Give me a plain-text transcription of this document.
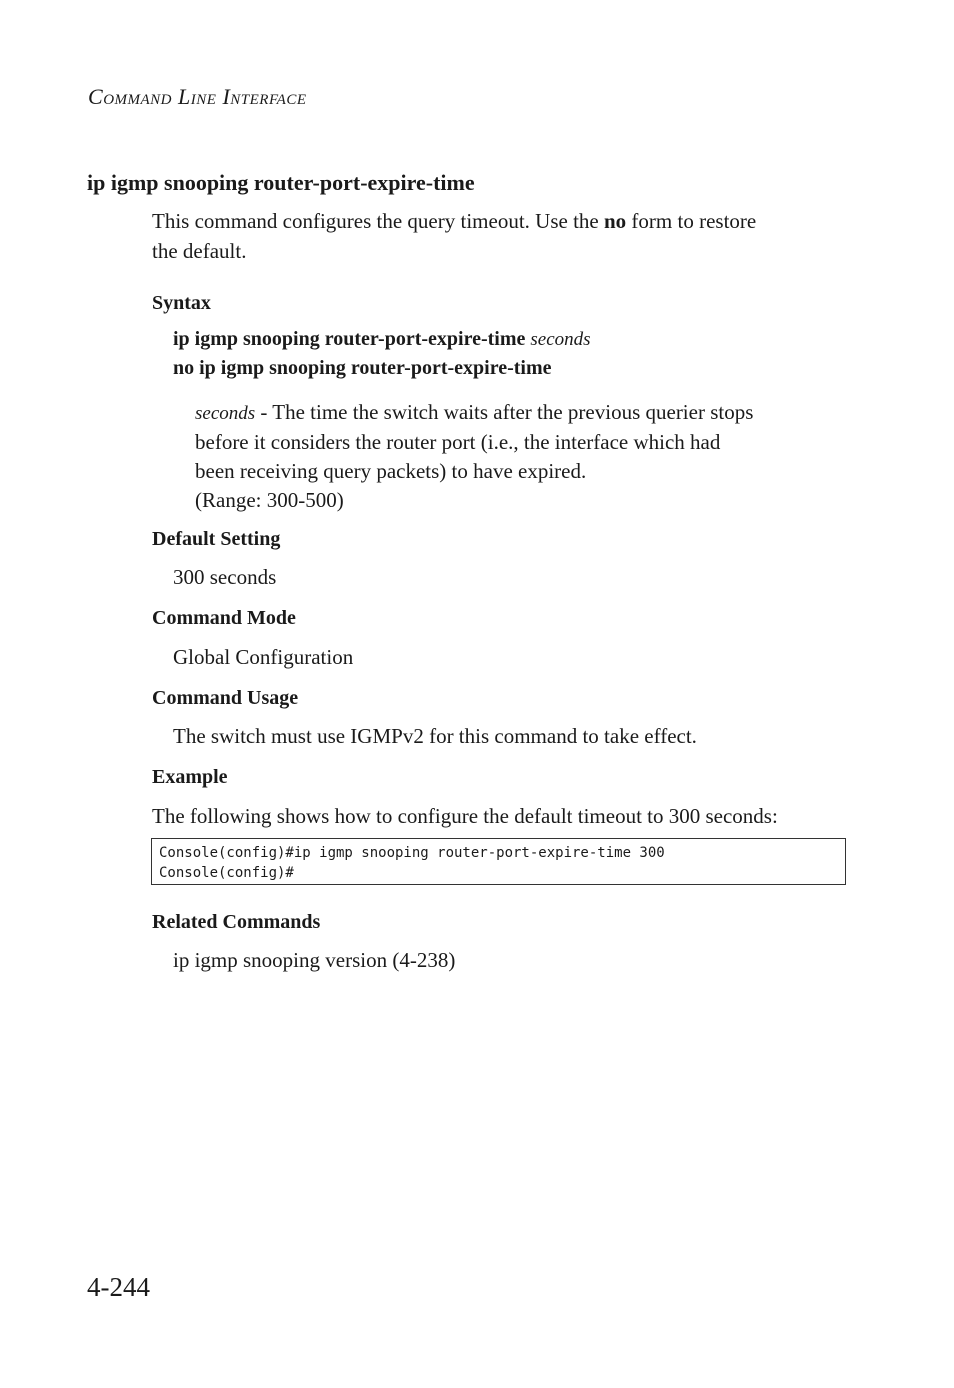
COMMAND LINE INTERFACE
ip igmp snooping router-port-expire-time
This command configures the query timeout. Use the no form to restore
the default.
Syntax
ip igmp snooping router-port-expire-time seconds
no ip igmp snooping router-port-expire-time
seconds - The time the switch waits after the previous querier stops
before it considers the router port (i.e., the interface which had
been receiving query packets) to have expired.
(Range: 300-500)
Default Setting
300 seconds
Command Mode
Global Configuration
Command Usage
The switch must use IGMPv2 for this command to take effect.
Example
The following shows how to configure the default timeout to 300 seconds:
Console(config)#ip igmp snooping router-port-expire-time 300
Console(config)#
Related Commands
ip igmp snooping version (4-238)
4-244
